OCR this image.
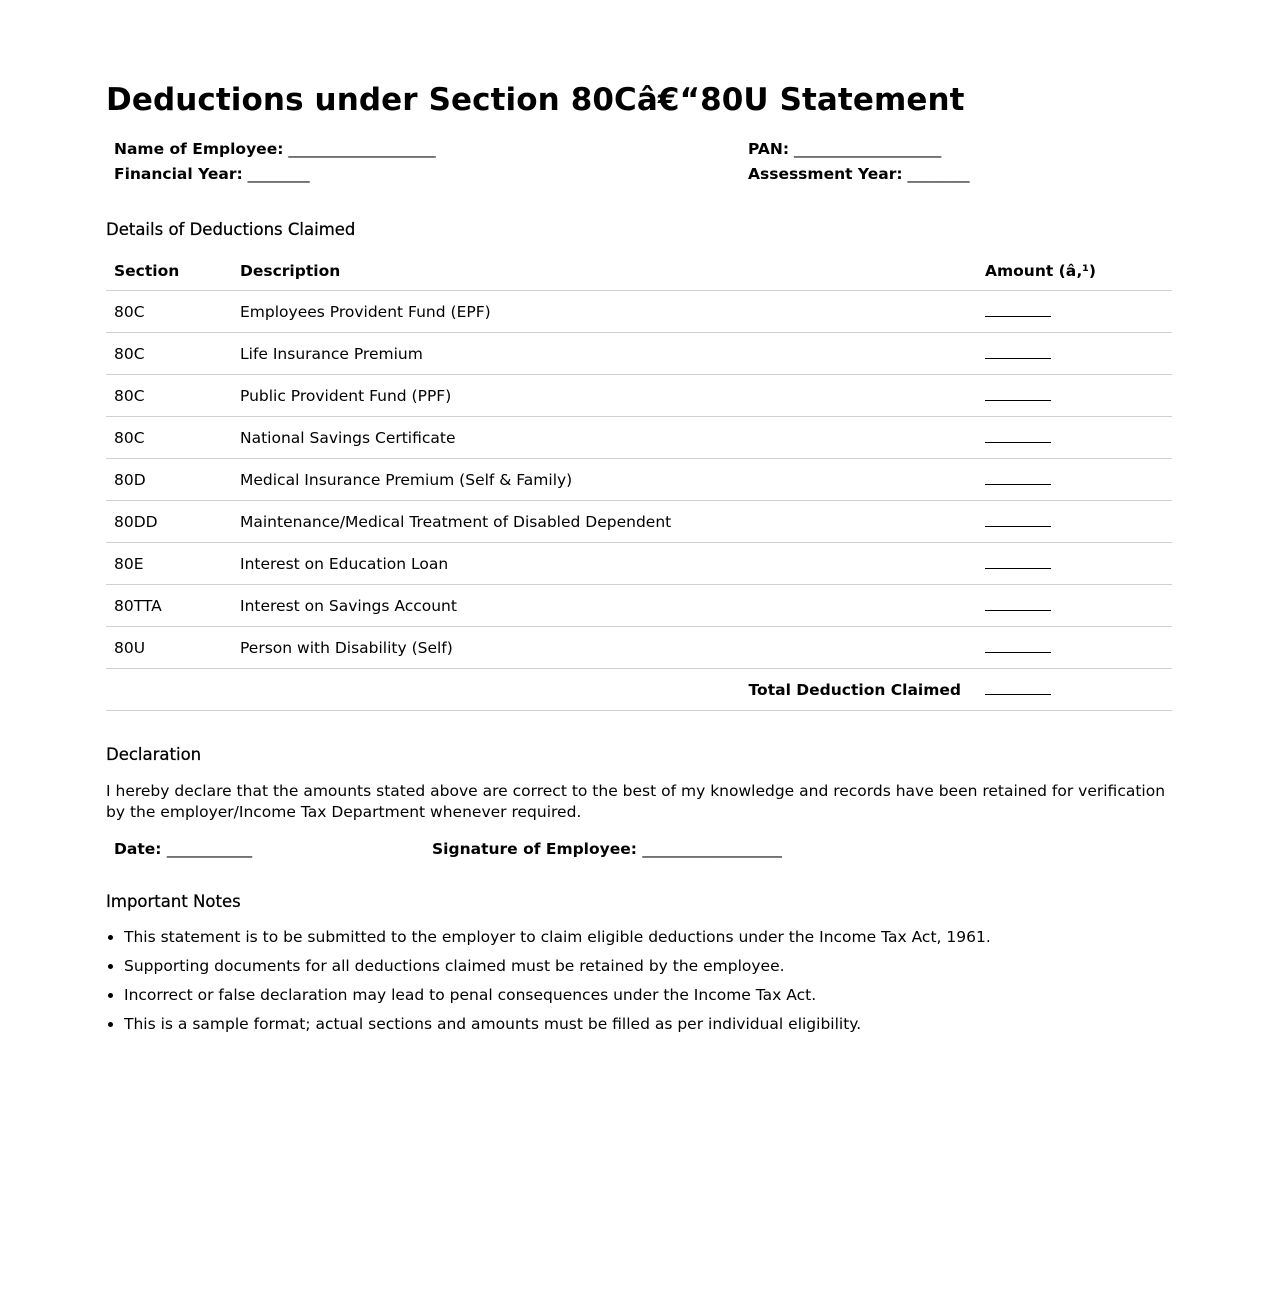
Deductions under Section 80Câ€“80U Statement
Name of Employee: ___________________	PAN: ___________________
Financial Year: ________	Assessment Year: ________
Details of Deductions Claimed
Section	Description	Amount (â‚¹)
80C	Employees Provident Fund (EPF)	
80C	Life Insurance Premium	
80C	Public Provident Fund (PPF)	
80C	National Savings Certificate	
80D	Medical Insurance Premium (Self & Family)	
80DD	Maintenance/Medical Treatment of Disabled Dependent	
80E	Interest on Education Loan	
80TTA	Interest on Savings Account	
80U	Person with Disability (Self)	
Total Deduction Claimed		
Declaration

I hereby declare that the amounts stated above are correct to the best of my knowledge and records have been retained for verification by the employer/Income Tax Department whenever required.

Date: ___________	Signature of Employee: __________________
Important Notes
• This statement is to be submitted to the employer to claim eligible deductions under the Income Tax Act, 1961.
• Supporting documents for all deductions claimed must be retained by the employee.
• Incorrect or false declaration may lead to penal consequences under the Income Tax Act.
• This is a sample format; actual sections and amounts must be filled as per individual eligibility.
